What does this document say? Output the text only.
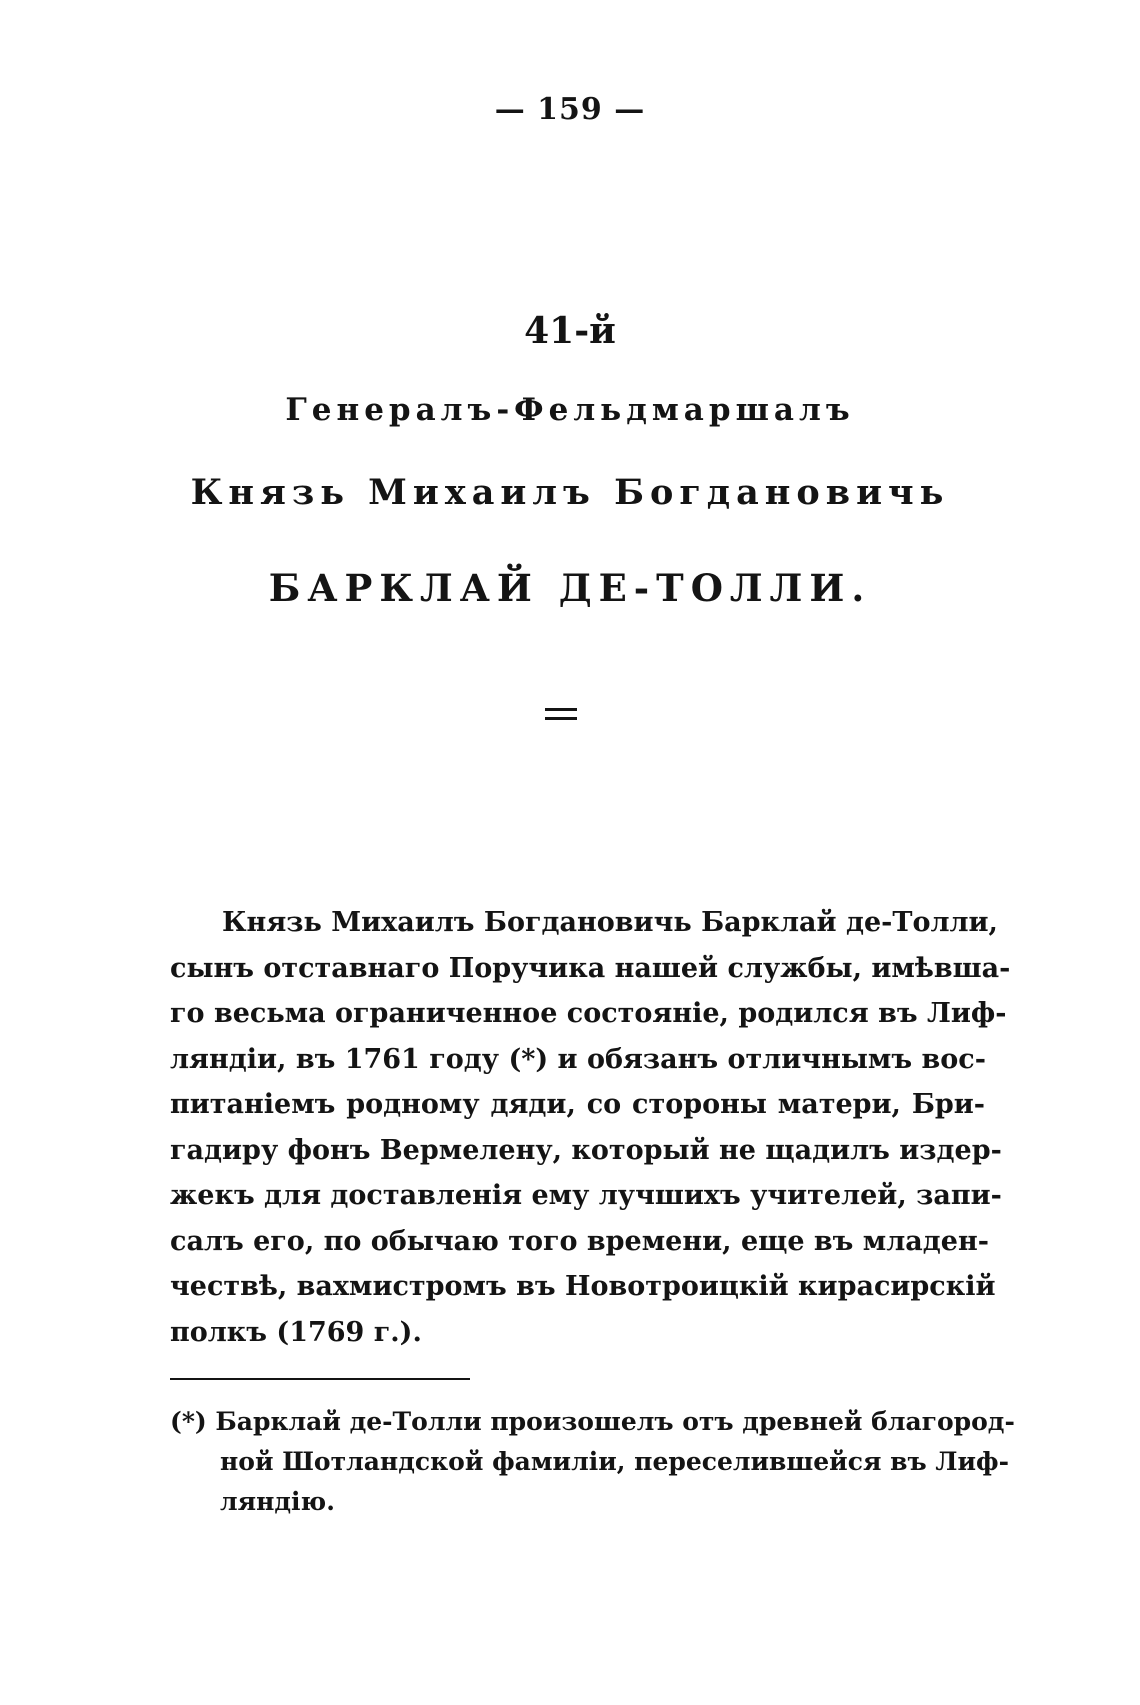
— 159 —
41-й
Генералъ-Фельдмаршалъ
Князь Михаилъ Богдановичь
БАРКЛАЙ ДЕ-ТОЛЛИ.
Князь Михаилъ Богдановичь Барклай де-Толли,
сынъ отставнаго Поручика нашей службы, имѣвша-
го весьма ограниченное состояніе, родился въ Лиф-
ляндіи, въ 1761 году (*) и обязанъ отличнымъ вос-
питаніемъ родному дяди, со стороны матери, Бри-
гадиру фонъ Вермелену, который не щадилъ издер-
жекъ для доставленія ему лучшихъ учителей, запи-
салъ его, по обычаю того времени, еще въ младен-
чествѣ, вахмистромъ въ Новотроицкій кирасирскій
полкъ (1769 г.).
(*) Барклай де-Толли произошелъ отъ древней благород-
ной Шотландской фамиліи, переселившейся въ Лиф-
ляндію.
